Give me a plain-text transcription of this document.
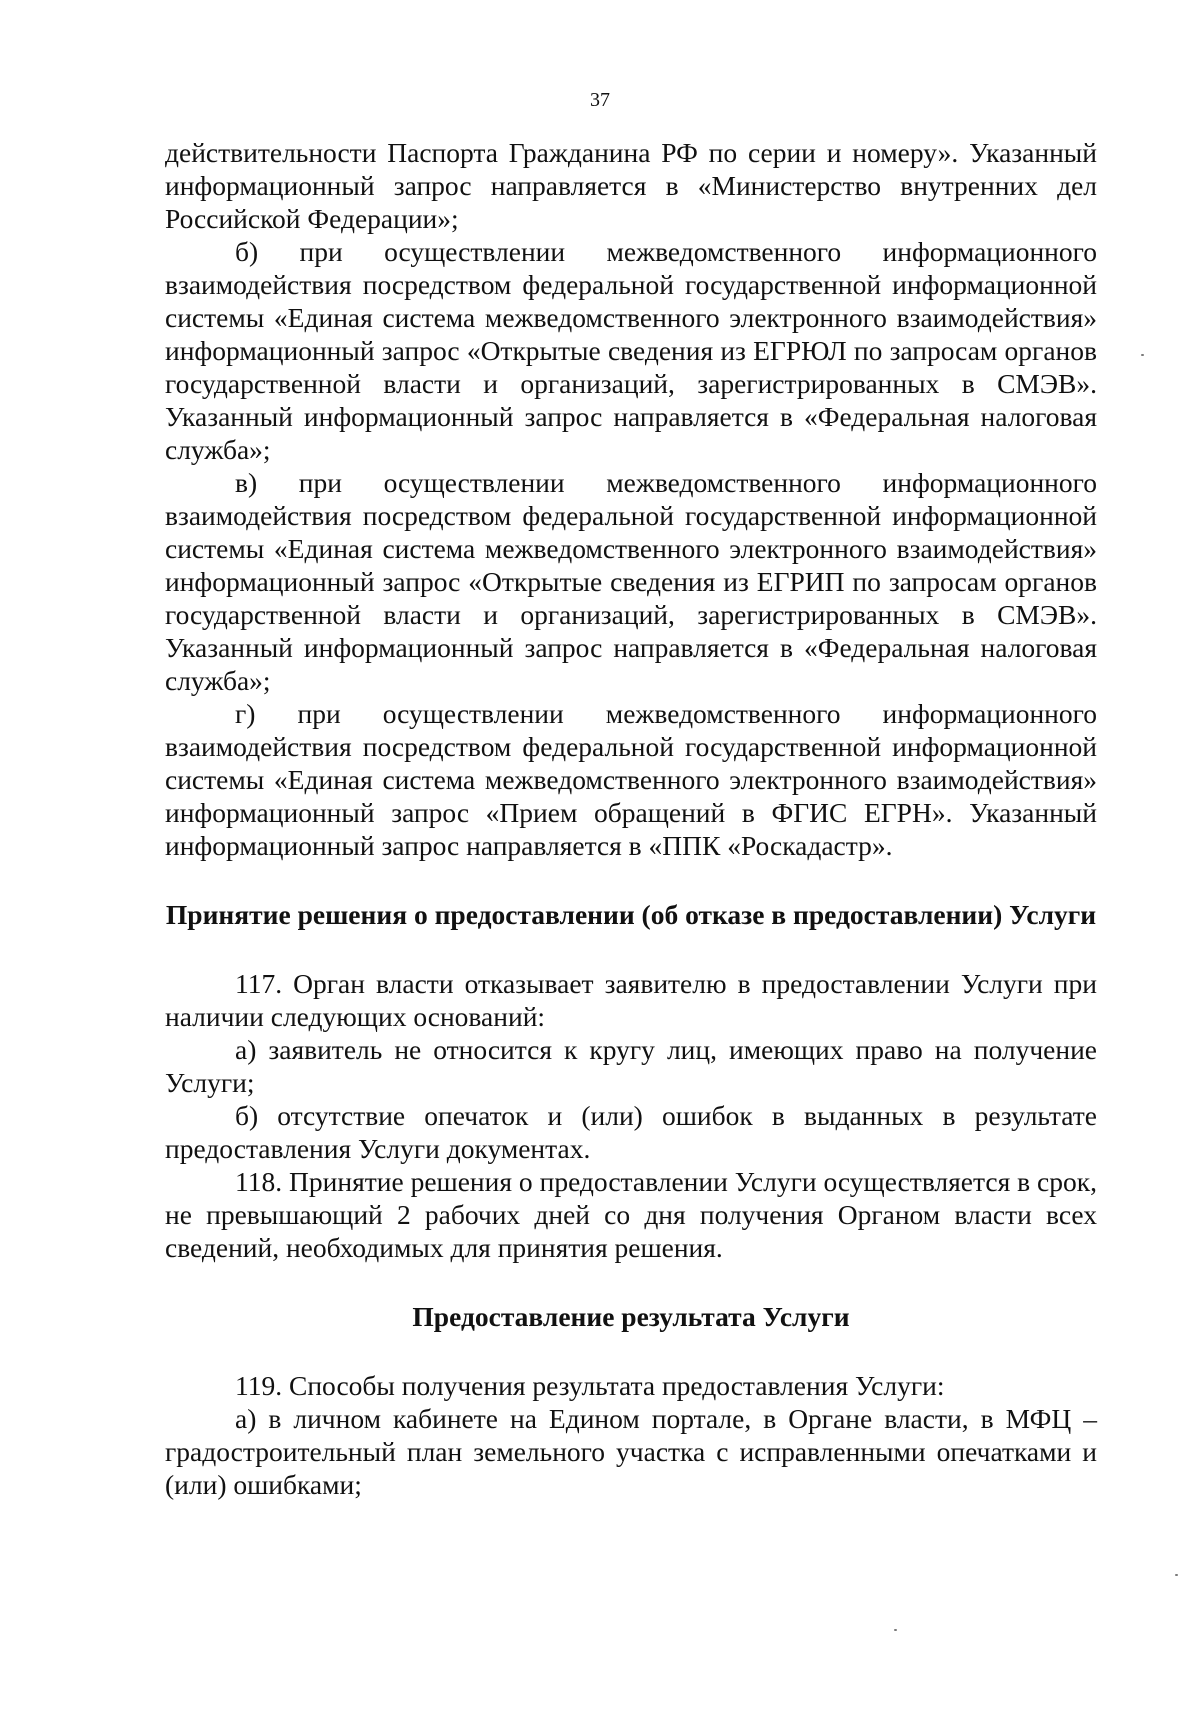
37

действительности Паспорта Гражданина РФ по серии и номеру». Указанный информационный запрос направляется в «Министерство внутренних дел Российской Федерации»;

б) при осуществлении межведомственного информационного взаимодействия посредством федеральной государственной информационной системы «Единая система межведомственного электронного взаимодействия» информационный запрос «Открытые сведения из ЕГРЮЛ по запросам органов государственной власти и организаций, зарегистрированных в СМЭВ». Указанный информационный запрос направляется в «Федеральная налоговая служба»;

в) при осуществлении межведомственного информационного взаимодействия посредством федеральной государственной информационной системы «Единая система межведомственного электронного взаимодействия» информационный запрос «Открытые сведения из ЕГРИП по запросам органов государственной власти и организаций, зарегистрированных в СМЭВ». Указанный информационный запрос направляется в «Федеральная налоговая служба»;

г) при осуществлении межведомственного информационного взаимодействия посредством федеральной государственной информационной системы «Единая система межведомственного электронного взаимодействия» информационный запрос «Прием обращений в ФГИС ЕГРН». Указанный информационный запрос направляется в «ППК «Роскадастр».

Принятие решения о предоставлении (об отказе в предоставлении) Услуги

117. Орган власти отказывает заявителю в предоставлении Услуги при наличии следующих оснований:

а) заявитель не относится к кругу лиц, имеющих право на получение Услуги;

б) отсутствие опечаток и (или) ошибок в выданных в результате предоставления Услуги документах.

118. Принятие решения о предоставлении Услуги осуществляется в срок, не превышающий 2 рабочих дней со дня получения Органом власти всех сведений, необходимых для принятия решения.

Предоставление результата Услуги

119. Способы получения результата предоставления Услуги:

а) в личном кабинете на Едином портале, в Органе власти, в МФЦ – градостроительный план земельного участка с исправленными опечатками и (или) ошибками;
